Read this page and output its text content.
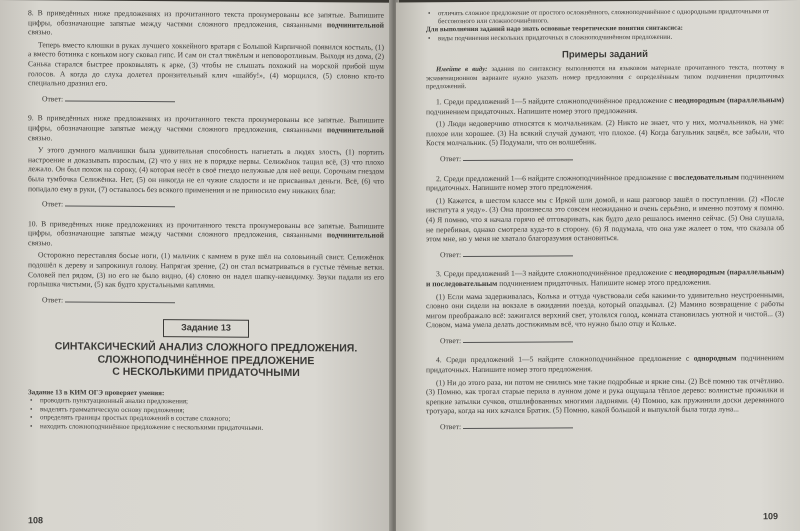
8. В приведённых ниже предложениях из прочитанного текста пронумерованы все запятые. Выпишите цифры, обозначающие запятые между частями сложного предложения, связанными подчинительной связью.

Теперь вместо клюшки в руках лучшего хоккейного вратаря с Большой Кирпичной появился костыль, (1) а вместо ботинка с коньком ногу сковал гипс. И сам он стал тяжёлым и неповоротливым. Выходя из дома, (2) Санька старался быстрее проковылять к арке, (3) чтобы не слышать похожий на морской прибой шум голосов. А когда до слуха долетел пронзительный клич «шайбу!», (4) морщился, (5) словно кто-то специально дразнил его.

Ответ:

9. В приведённых ниже предложениях из прочитанного текста пронумерованы все запятые. Выпишите цифры, обозначающие запятые между частями сложного предложения, связанными подчинительной связью.

У этого думного мальчишки была удивительная способность нагнетать в людях злость, (1) портить настроение и доказывать взрослым, (2) что у них не в порядке нервы. Селижёнок тащил всё, (3) что плохо лежало. Он был похож на сороку, (4) которая несёт в своё гнездо нелужные для неё вещи. Сорочьим гнездом была тумбочка Селижёнка. Нет, (5) он никогда не ел чужие сладости и не присваивал деньги. Всё, (6) что попадало ему в руки, (7) оставалось без всякого применения и не приносило ему никаких благ.

Ответ:

10. В приведённых ниже предложениях из прочитанного текста пронумерованы все запятые. Выпишите цифры, обозначающие запятые между частями сложного предложения, связанными подчинительной связью.

Осторожно переставляя босые ноги, (1) мальчик с камнем в руке шёл на соловьиный свист. Селижёнок подошёл к дереву и запрокинул голову. Напрягая зрение, (2) он стал всматриваться в густые тёмные ветки. Соловей пел рядом, (3) но его не было видно, (4) словно он надел шапку-невидимку. Звуки падали из его горлышка чистыми, (5) как будто хрустальными каплями.

Ответ:
Задание 13
СИНТАКСИЧЕСКИЙ АНАЛИЗ СЛОЖНОГО ПРЕДЛОЖЕНИЯ.
СЛОЖНОПОДЧИНЁННОЕ ПРЕДЛОЖЕНИЕ
С НЕСКОЛЬКИМИ ПРИДАТОЧНЫМИ

Задание 13 в КИМ ОГЭ проверяет умения:

• проводить пунктуационный анализ предложения;
• выделять грамматическую основу предложения;
• определять границы простых предложений в составе сложного;
• находить сложноподчинённое предложение с несколькими придаточными.
108
• отличать сложное предложение от простого осложнённого, сложноподчинённое с однородными придаточными от бессоюзного или сложносочинённого.

Для выполнения заданий надо знать основные теоретические понятия синтаксиса:

• виды подчинения нескольких придаточных в сложноподчинённом предложении.
Примеры заданий

Имейте в виду: задания по синтаксису выполняются на языковом материале прочитанного текста, поэтому в экзаменационном варианте нужно указать номер предложения с определённым типом подчинения придаточных предложений.

1. Среди предложений 1—5 найдите сложноподчинённое предложение с неоднородным (параллельным) подчинением придаточных. Напишите номер этого предложения.

(1) Люди недоверчиво относятся к молчальникам. (2) Никто не знает, что у них, молчальников, на уме: плохое или хорошее. (3) На всякий случай думают, что плохое. (4) Когда багульник зацвёл, все забыли, что Костя молчальник. (5) Подумали, что он волшебник.

Ответ:

2. Среди предложений 1—6 найдите сложноподчинённое предложение с последовательным подчинением придаточных. Напишите номер этого предложения.

(1) Кажется, в шестом классе мы с Иркой шли домой, и наш разговор зашёл о поступлении. (2) «После института я уеду». (3) Она произнесла это совсем неожиданно и очень серьёзно, и именно поэтому я помню. (4) Я помню, что я начала горячо её отговаривать, как будто дело решалось именно сейчас. (5) Она слушала, не перебивая, однако смотрела куда-то в сторону. (6) Я подумала, что она уже жалеет о том, что сказала об этом мне, но у меня не хватало благоразумия остановиться.

Ответ:

3. Среди предложений 1—3 найдите сложноподчинённое предложение с неоднородным (параллельным) и последовательным подчинением придаточных. Напишите номер этого предложения.

(1) Если мама задерживалась, Колька и оттуда чувствовали себя какими-то удивительно неустроенными, словно они сидели на вокзале в ожидании поезда, который опаздывал. (2) Мамино возвращение с работы мигом преображало всё: зажигался верхний свет, утолялся голод, комната становилась уютной и чистой... (3) Словом, мама умела делать достижимым всё, что нужно было отцу и Кольке.

Ответ:

4. Среди предложений 1—5 найдите сложноподчинённое предложение с однородным подчинением придаточных. Напишите номер этого предложения.

(1) Ни до этого раза, ни потом не снились мне такие подробные и яркие сны. (2) Всё помню так отчётливо. (3) Помню, как трогал старые перила в лунном доме и рука ощущала тёплое дерево: волнистые прожилки и крепкие затылки сучков, отшлифованных многими ладонями. (4) Помню, как пружинили доски деревянного тротуара, когда на них качался Братик. (5) Помню, какой большой и выпуклой была тогда луна...

Ответ:
109
